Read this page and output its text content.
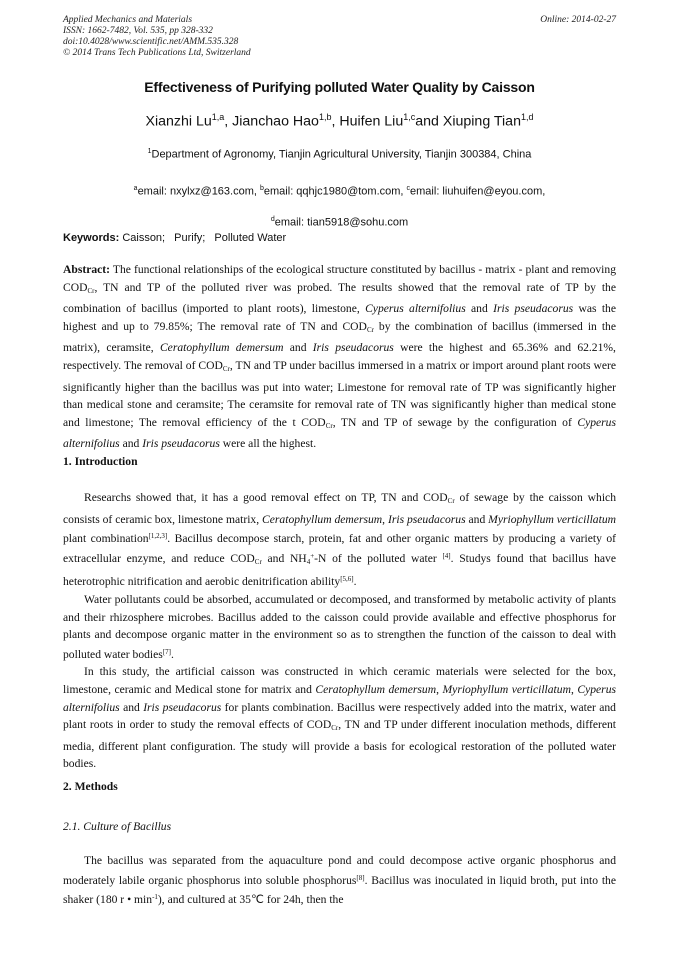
Applied Mechanics and Materials
ISSN: 1662-7482, Vol. 535, pp 328-332
doi:10.4028/www.scientific.net/AMM.535.328
© 2014 Trans Tech Publications Ltd, Switzerland
Online: 2014-02-27
Effectiveness of Purifying polluted Water Quality by Caisson
Xianzhi Lu$^{1,a}$, Jianchao Hao$^{1,b}$, Huifen Liu$^{1,c}$and Xiuping Tian$^{1,d}$
$^1$Department of Agronomy, Tianjin Agricultural University, Tianjin 300384, China
$^a$email: nxylxz@163.com, $^b$email: qqhjc1980@tom.com, $^c$email: liuhuifen@eyou.com,
$^d$email: tian5918@sohu.com
Keywords: Caisson; Purify; Polluted Water
Abstract: The functional relationships of the ecological structure constituted by bacillus - matrix - plant and removing $COD_{Cr}$, TN and TP of the polluted river was probed. The results showed that the removal rate of TP by the combination of bacillus (imported to plant roots), limestone, Cyperus alternifolius and Iris pseudacorus was the highest and up to 79.85%; The removal rate of TN and $COD_{Cr}$ by the combination of bacillus (immersed in the matrix), ceramsite, Ceratophyllum demersum and Iris pseudacorus were the highest and 65.36% and 62.21%, respectively. The removal of $COD_{Cr}$, TN and TP under bacillus immersed in a matrix or import around plant roots were significantly higher than the bacillus was put into water; Limestone for removal rate of TP was significantly higher than medical stone and ceramsite; The ceramsite for removal rate of TN was significantly higher than medical stone and limestone; The removal efficiency of the t $COD_{Cr}$, TN and TP of sewage by the configuration of Cyperus alternifolius and Iris pseudacorus were all the highest.
1. Introduction

Researchs showed that, it has a good removal effect on TP, TN and $COD_{Cr}$ of sewage by the caisson which consists of ceramic box, limestone matrix, Ceratophyllum demersum, Iris pseudacorus and Myriophyllum verticillatum plant combination[1,2,3]. Bacillus decompose starch, protein, fat and other organic matters by producing a variety of extracellular enzyme, and reduce $COD_{Cr}$ and $NH_4^+-N$ of the polluted water [4]. Studys found that bacillus have heterotrophic nitrification and aerobic denitrification ability[5,6].

Water pollutants could be absorbed, accumulated or decomposed, and transformed by metabolic activity of plants and their rhizosphere microbes. Bacillus added to the caisson could provide available and effective phosphorus for plants and decompose organic matter in the environment so as to strengthen the function of the caisson to deal with polluted water bodies[7].

In this study, the artificial caisson was constructed in which ceramic materials were selected for the box, limestone, ceramic and Medical stone for matrix and Ceratophyllum demersum, Myriophyllum verticillatum, Cyperus alternifolius and Iris pseudacorus for plants combination. Bacillus were respectively added into the matrix, water and plant roots in order to study the removal effects of $COD_{Cr}$, TN and TP under different inoculation methods, different media, different plant configuration. The study will provide a basis for ecological restoration of the polluted water bodies.

2. Methods
2.1. Culture of Bacillus

The bacillus was separated from the aquaculture pond and could decompose active organic phosphorus and moderately labile organic phosphorus into soluble phosphorus[8]. Bacillus was inoculated in liquid broth, put into the shaker (180 r • min$^{-1}$), and cultured at 35℃ for 24h, then the
